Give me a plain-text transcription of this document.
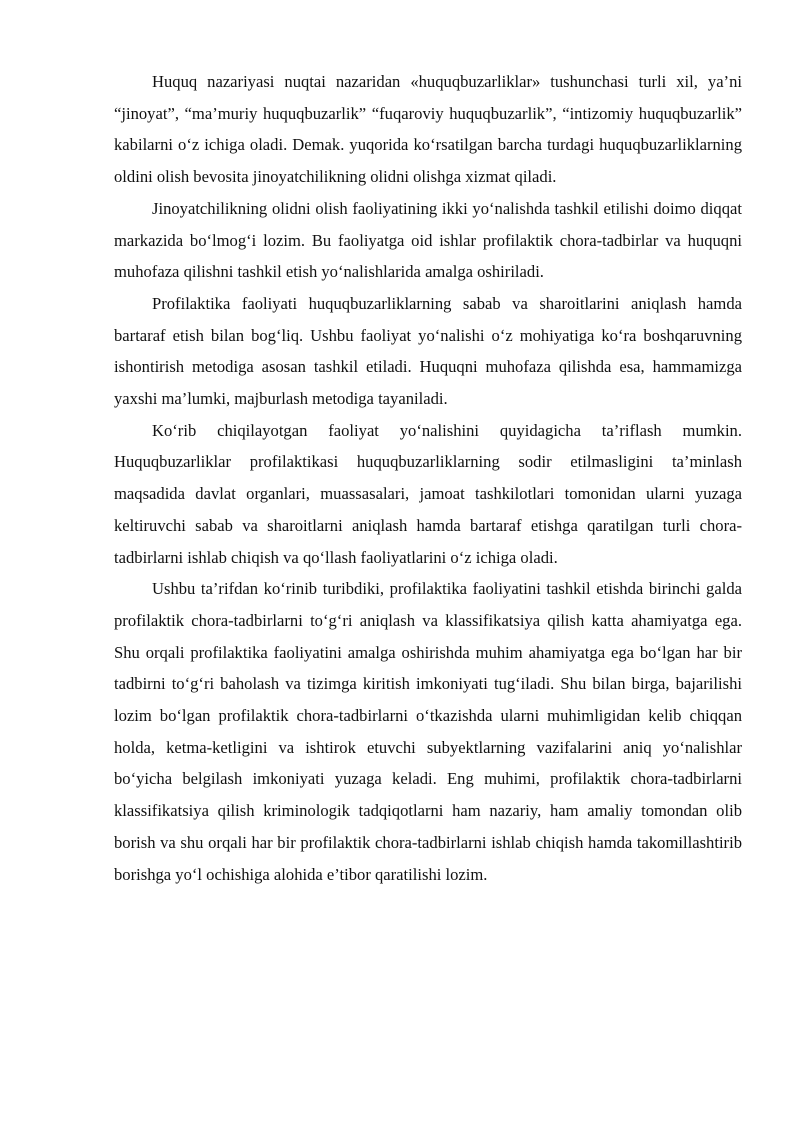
Huquq nazariyasi nuqtai nazaridan «huquqbuzarliklar» tushunchasi turli xil, ya’ni “jinoyat”, “ma’muriy huquqbuzarlik” “fuqaroviy huquqbuzarlik”, “intizomiy huquqbuzarlik” kabilarni o‘z ichiga oladi. Demak. yuqorida ko‘rsatilgan barcha turdagi huquqbuzarliklarning oldini olish bevosita jinoyatchilikning olidni olishga xizmat qiladi.

Jinoyatchilikning olidni olish faoliyatining ikki yo‘nalishda tashkil etilishi doimo diqqat markazida bo‘lmog‘i lozim. Bu faoliyatga oid ishlar profilaktik chora-tadbirlar va huquqni muhofaza qilishni tashkil etish yo‘nalishlarida amalga oshiriladi.

Profilaktika faoliyati huquqbuzarliklarning sabab va sharoitlarini aniqlash hamda bartaraf etish bilan bog‘liq. Ushbu faoliyat yo‘nalishi o‘z mohiyatiga ko‘ra boshqaruvning ishontirish metodiga asosan tashkil etiladi. Huquqni muhofaza qilishda esa, hammamizga yaxshi ma’lumki, majburlash metodiga tayaniladi.

Ko‘rib chiqilayotgan faoliyat yo‘nalishini quyidagicha ta’riflash mumkin. Huquqbuzarliklar profilaktikasi huquqbuzarliklarning sodir etilmasligini ta’minlash maqsadida davlat organlari, muassasalari, jamoat tashkilotlari tomonidan ularni yuzaga keltiruvchi sabab va sharoitlarni aniqlash hamda bartaraf etishga qaratilgan turli chora-tadbirlarni ishlab chiqish va qo‘llash faoliyatlarini o‘z ichiga oladi.

Ushbu ta’rifdan ko‘rinib turibdiki, profilaktika faoliyatini tashkil etishda birinchi galda profilaktik chora-tadbirlarni to‘g‘ri aniqlash va klassifikatsiya qilish katta ahamiyatga ega. Shu orqali profilaktika faoliyatini amalga oshirishda muhim ahamiyatga ega bo‘lgan har bir tadbirni to‘g‘ri baholash va tizimga kiritish imkoniyati tug‘iladi. Shu bilan birga, bajarilishi lozim bo‘lgan profilaktik chora-tadbirlarni o‘tkazishda ularni muhimligidan kelib chiqqan holda, ketma-ketligini va ishtirok etuvchi subyektlarning vazifalarini aniq yo‘nalishlar bo‘yicha belgilash imkoniyati yuzaga keladi. Eng muhimi, profilaktik chora-tadbirlarni klassifikatsiya qilish kriminologik tadqiqotlarni ham nazariy, ham amaliy tomondan olib borish va shu orqali har bir profilaktik chora-tadbirlarni ishlab chiqish hamda takomillashtirib borishga yo‘l ochishiga alohida e’tibor qaratilishi lozim.
